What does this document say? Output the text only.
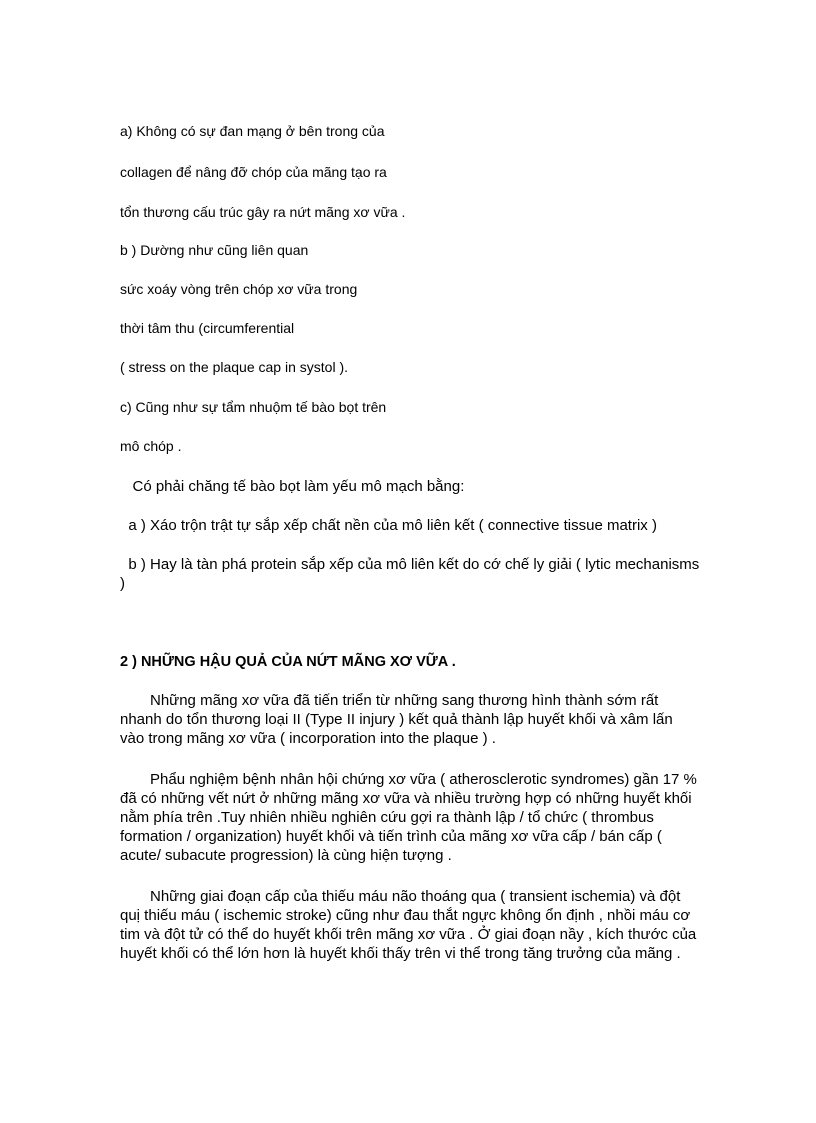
a) Không có sự đan mạng ở bên trong của
collagen để nâng đỡ chóp của mãng tạo ra
tổn thương cấu trúc gây ra nứt mãng xơ vữa .
b ) Dường như cũng liên quan
sức xoáy vòng trên chóp xơ vữa trong
thời tâm thu (circumferential
( stress on the plaque cap in systol ).
c) Cũng như sự tẩm nhuộm tế bào bọt trên
mô chóp .
Có phải chăng tế bào bọt làm yếu mô mạch bằng:
a ) Xáo trộn trật tự sắp xếp chất nền của mô liên kết ( connective tissue matrix )
b ) Hay là tàn phá protein sắp xếp của mô liên kết do cớ chế ly giải ( lytic mechanisms )
2 ) NHỮNG HẬU QUẢ CỦA NỨT MÃNG XƠ VỮA .
Những mãng xơ vữa đã tiến triển từ những sang thương hình thành sớm rất nhanh do tổn thương loại II (Type II injury ) kết quả thành lập huyết khối và xâm lấn vào trong mãng xơ vữa ( incorporation into the plaque ) .
Phẩu nghiệm bệnh nhân hội chứng xơ vữa ( atherosclerotic syndromes) gần 17 % đã có những vết nứt ở những mãng xơ vữa và nhiều trường hợp có những huyết khối nằm phía trên .Tuy nhiên nhiều nghiên cứu gợi ra thành lập / tổ chức ( thrombus formation / organization) huyết khối và tiến trình của mãng xơ vữa cấp / bán cấp ( acute/ subacute progression) là cùng hiện tượng .
Những giai đoạn cấp của thiếu máu não thoáng qua ( transient ischemia) và đột quị thiếu máu ( ischemic stroke) cũng như đau thắt ngực không ổn định , nhồi máu cơ tim và đột tử có thể do huyết khối trên mãng xơ vữa . Ở giai đoạn nầy , kích thước của huyết khối có thể lớn hơn là huyết khối thấy trên vi thể trong tăng trưởng của mãng .
